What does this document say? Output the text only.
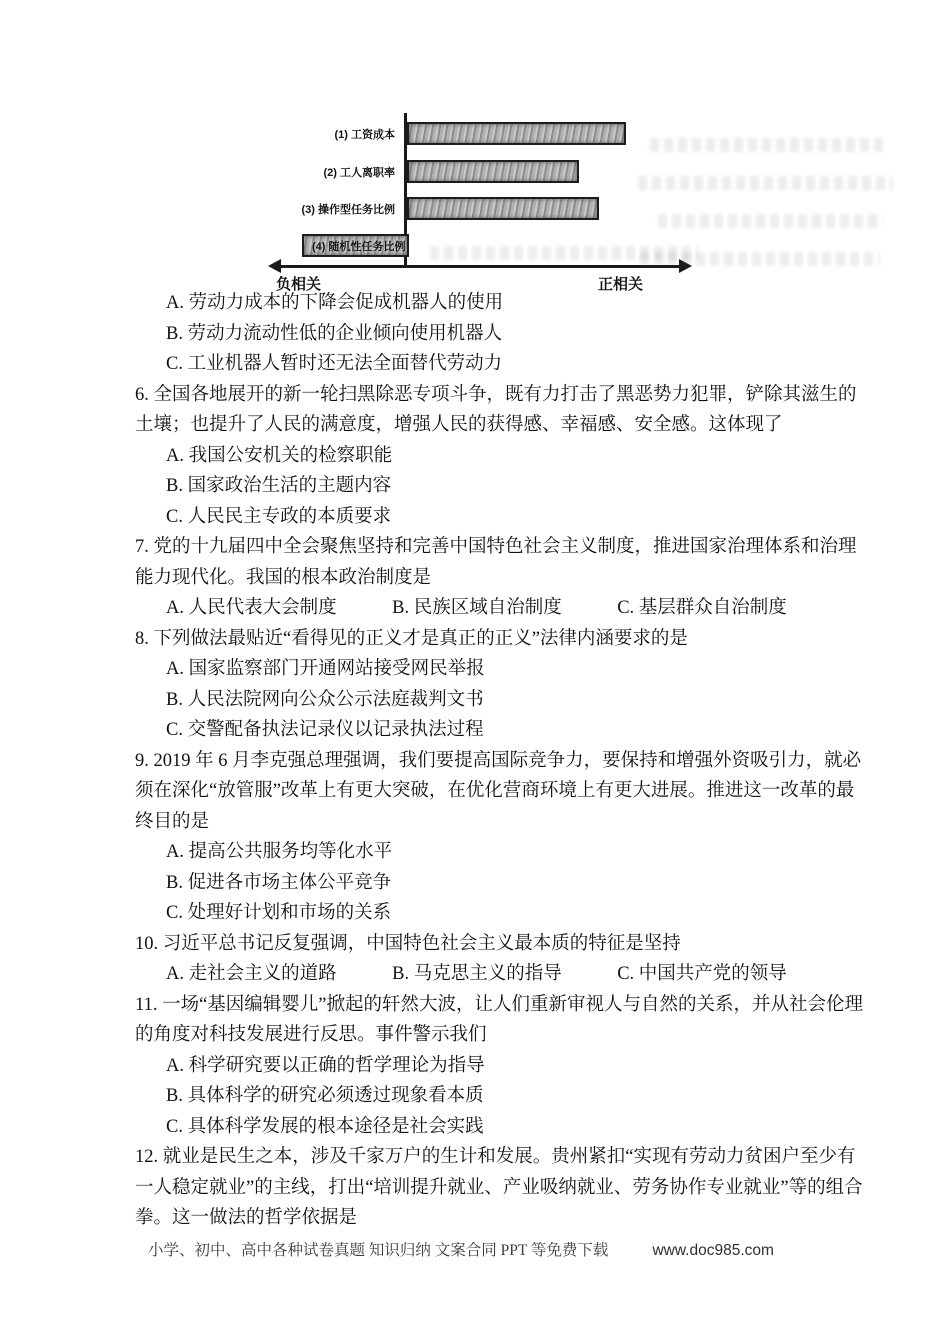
(1) 工资成本
(2) 工人离职率
(3) 操作型任务比例
(4) 随机性任务比例
负相关	正相关

A. 劳动力成本的下降会促成机器人的使用

B. 劳动力流动性低的企业倾向使用机器人

C. 工业机器人暂时还无法全面替代劳动力

6. 全国各地展开的新一轮扫黑除恶专项斗争，既有力打击了黑恶势力犯罪，铲除其滋生的

土壤；也提升了人民的满意度，增强人民的获得感、幸福感、安全感。这体现了

A. 我国公安机关的检察职能

B. 国家政治生活的主题内容

C. 人民民主专政的本质要求

7. 党的十九届四中全会聚焦坚持和完善中国特色社会主义制度，推进国家治理体系和治理

能力现代化。我国的根本政治制度是

A. 人民代表大会制度　　　B. 民族区域自治制度　　　C. 基层群众自治制度

8. 下列做法最贴近“看得见的正义才是真正的正义”法律内涵要求的是

A. 国家监察部门开通网站接受网民举报

B. 人民法院网向公众公示法庭裁判文书

C. 交警配备执法记录仪以记录执法过程

9. 2019 年 6 月李克强总理强调，我们要提高国际竞争力，要保持和增强外资吸引力，就必

须在深化“放管服”改革上有更大突破，在优化营商环境上有更大进展。推进这一改革的最

终目的是

A. 提高公共服务均等化水平

B. 促进各市场主体公平竞争

C. 处理好计划和市场的关系

10. 习近平总书记反复强调，中国特色社会主义最本质的特征是坚持

A. 走社会主义的道路　　　B. 马克思主义的指导　　　C. 中国共产党的领导

11. 一场“基因编辑婴儿”掀起的轩然大波，让人们重新审视人与自然的关系，并从社会伦理

的角度对科技发展进行反思。事件警示我们

A. 科学研究要以正确的哲学理论为指导

B. 具体科学的研究必须透过现象看本质

C. 具体科学发展的根本途径是社会实践

12. 就业是民生之本，涉及千家万户的生计和发展。贵州紧扣“实现有劳动力贫困户至少有

一人稳定就业”的主线，打出“培训提升就业、产业吸纳就业、劳务协作专业就业”等的组合

拳。这一做法的哲学依据是

小学、初中、高中各种试卷真题 知识归纳 文案合同 PPT 等免费下载	www.doc985.com
